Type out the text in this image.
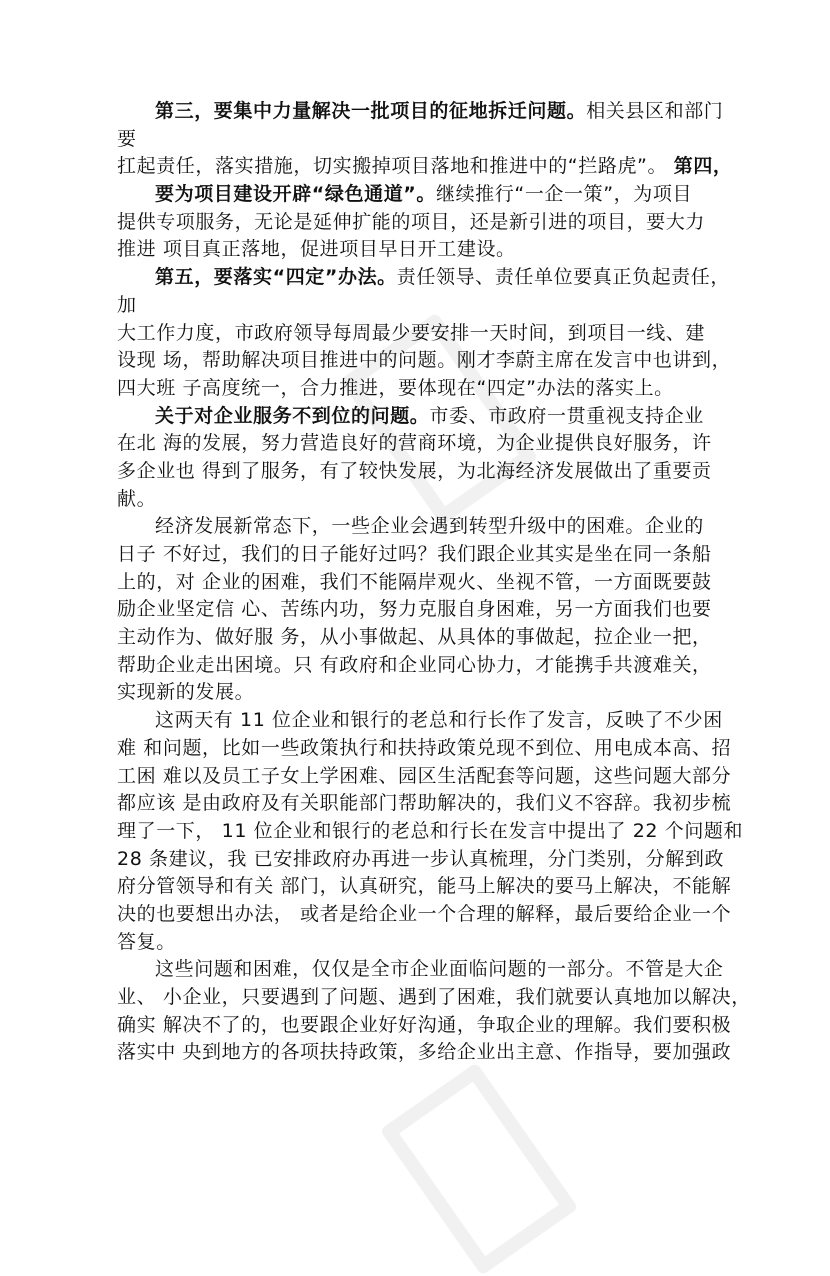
第三，要集中力量解决一批项目的征地拆迁问题。相关县区和部门
要
扛起责任，落实措施，切实搬掉项目落地和推进中的“拦路虎”。 第四，
要为项目建设开辟“绿色通道”。继续推行“一企一策”，为项目
提供专项服务，无论是延伸扩能的项目，还是新引进的项目，要大力
推进 项目真正落地，促进项目早日开工建设。
第五，要落实“四定”办法。责任领导、责任单位要真正负起责任，
加
大工作力度，市政府领导每周最少要安排一天时间，到项目一线、建
设现 场，帮助解决项目推进中的问题。刚才李蔚主席在发言中也讲到，
四大班 子高度统一，合力推进，要体现在“四定”办法的落实上。
关于对企业服务不到位的问题。市委、市政府一贯重视支持企业
在北 海的发展，努力营造良好的营商环境，为企业提供良好服务，许
多企业也 得到了服务，有了较快发展，为北海经济发展做出了重要贡
献。
经济发展新常态下，一些企业会遇到转型升级中的困难。企业的
日子 不好过，我们的日子能好过吗？我们跟企业其实是坐在同一条船
上的，对 企业的困难，我们不能隔岸观火、坐视不管，一方面既要鼓
励企业坚定信 心、苦练内功，努力克服自身困难，另一方面我们也要
主动作为、做好服 务，从小事做起、从具体的事做起，拉企业一把，
帮助企业走出困境。只 有政府和企业同心协力，才能携手共渡难关，
实现新的发展。
这两天有 11 位企业和银行的老总和行长作了发言，反映了不少困
难 和问题，比如一些政策执行和扶持政策兑现不到位、用电成本高、招
工困 难以及员工子女上学困难、园区生活配套等问题，这些问题大部分
都应该 是由政府及有关职能部门帮助解决的，我们义不容辞。我初步梳
理了一下， 11 位企业和银行的老总和行长在发言中提出了 22 个问题和
28 条建议，我 已安排政府办再进一步认真梳理，分门类别，分解到政
府分管领导和有关 部门，认真研究，能马上解决的要马上解决，不能解
决的也要想出办法， 或者是给企业一个合理的解释，最后要给企业一个
答复。
这些问题和困难，仅仅是全市企业面临问题的一部分。不管是大企
业、 小企业，只要遇到了问题、遇到了困难，我们就要认真地加以解决，
确实 解决不了的，也要跟企业好好沟通，争取企业的理解。我们要积极
落实中 央到地方的各项扶持政策，多给企业出主意、作指导，要加强政
